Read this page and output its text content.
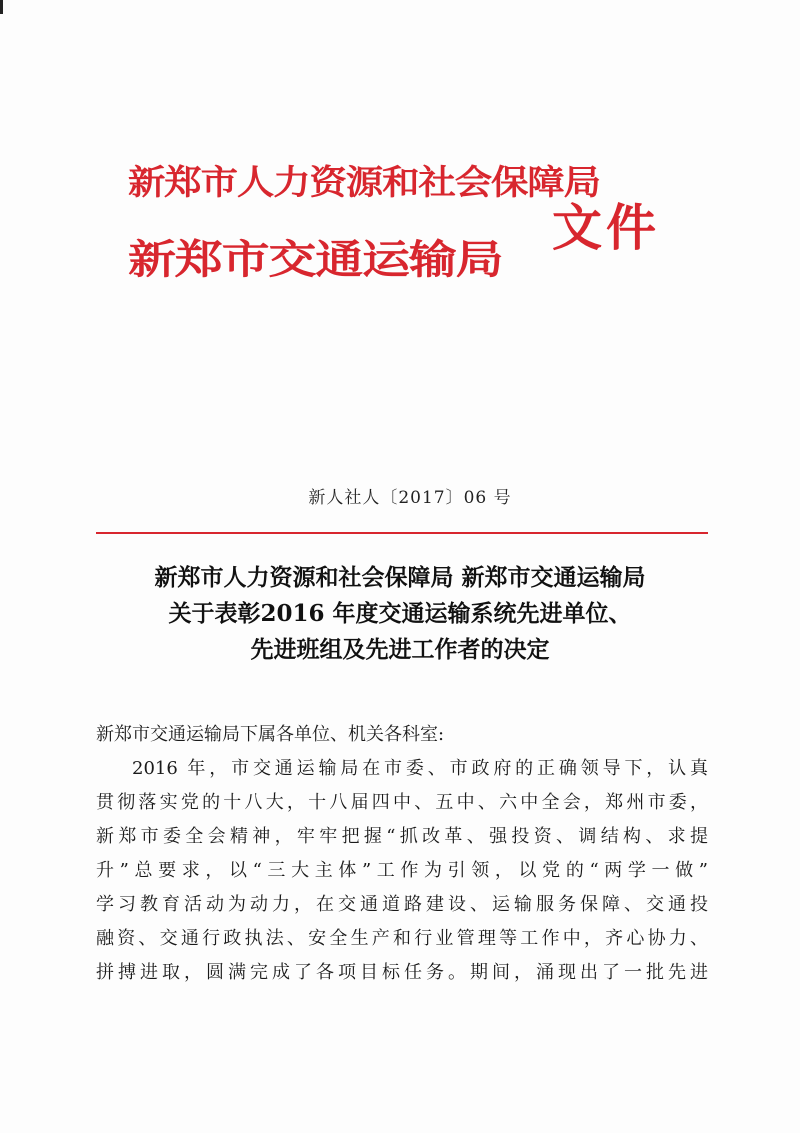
新郑市人力资源和社会保障局
新郑市交通运输局
文件
新人社人〔2017〕06 号
新郑市人力资源和社会保障局 新郑市交通运输局
关于表彰2016 年度交通运输系统先进单位、
先进班组及先进工作者的决定
新郑市交通运输局下属各单位、机关各科室:
2016 年，市交通运输局在市委、市政府的正确领导下，认真
贯彻落实党的十八大，十八届四中、五中、六中全会，郑州市委，
新郑市委全会精神，牢牢把握“抓改革、强投资、调结构、求提
升”总要求，以“三大主体”工作为引领，以党的“两学一做”
学习教育活动为动力，在交通道路建设、运输服务保障、交通投
融资、交通行政执法、安全生产和行业管理等工作中，齐心协力、
拼搏进取，圆满完成了各项目标任务。期间，涌现出了一批先进
